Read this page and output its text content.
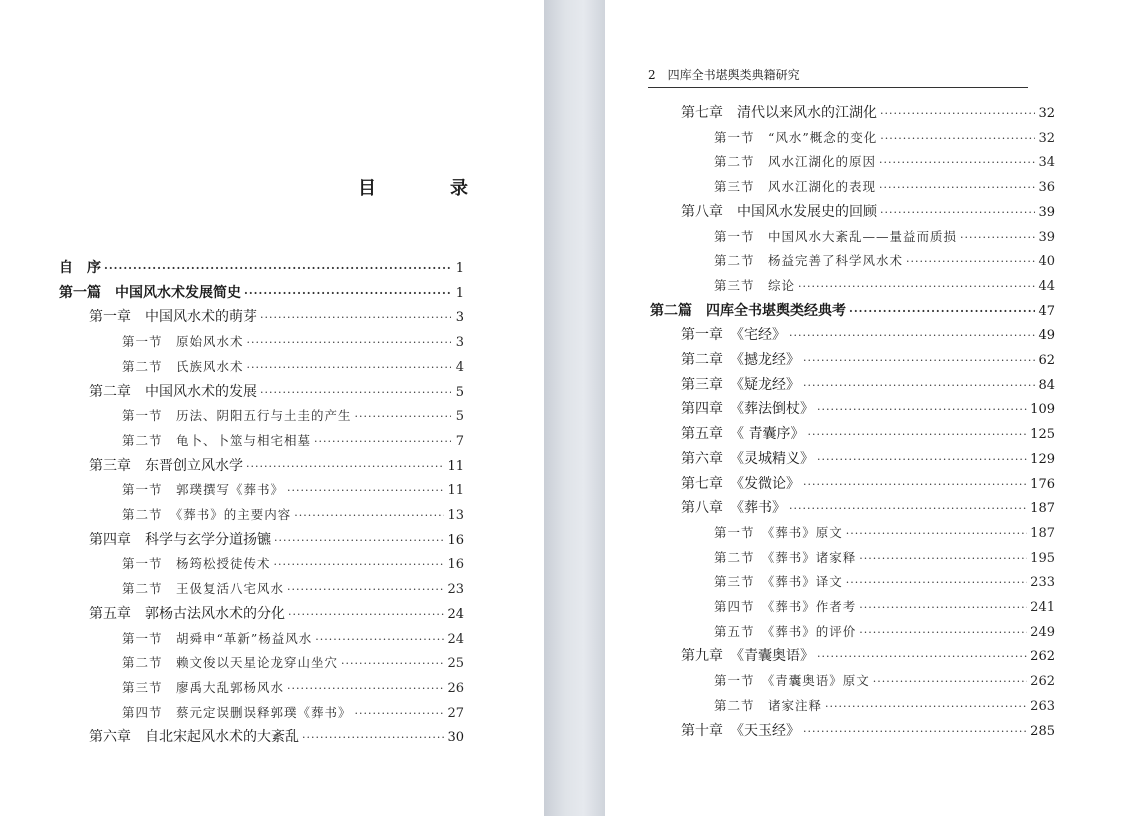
目	录
2　四库全书堪舆类典籍研究
自　序 ·····	1
第一篇　中国风水术发展简史 ·····	1
第一章　中国风水术的萌芽 ·····	3
第一节　原始风水术 ·····	3
第二节　氏族风水术 ·····	4
第二章　中国风水术的发展 ·····	5
第一节　历法、阴阳五行与土圭的产生 ·····	5
第二节　龟卜、卜筮与相宅相墓 ·····	7
第三章　东晋创立风水学 ·····	11
第一节　郭璞撰写《葬书》 ·····	11
第二节　《葬书》的主要内容 ·····	13
第四章　科学与玄学分道扬镳 ·····	16
第一节　杨筠松授徒传术 ·····	16
第二节　王伋复活八宅风水 ·····	23
第五章　郭杨古法风水术的分化 ·····	24
第一节　胡舜申“革新”杨益风水 ·····	24
第二节　赖文俊以天星论龙穿山坐穴 ·····	25
第三节　廖禹大乱郭杨风水 ·····	26
第四节　蔡元定误删误释郭璞《葬书》 ·····	27
第六章　自北宋起风水术的大紊乱 ·····	30
第七章　清代以来风水的江湖化 ·····	32
第一节　“风水”概念的变化 ·····	32
第二节　风水江湖化的原因 ·····	34
第三节　风水江湖化的表现 ·····	36
第八章　中国风水发展史的回顾 ·····	39
第一节　中国风水大紊乱——量益而质损 ·····	39
第二节　杨益完善了科学风水术 ·····	40
第三节　综论 ·····	44
第二篇　四库全书堪舆类经典考 ·····	47
第一章　《宅经》 ·····	49
第二章　《撼龙经》 ·····	62
第三章　《疑龙经》 ·····	84
第四章　《葬法倒杖》 ·····	109
第五章　《 青囊序》 ·····	125
第六章　《灵城精义》 ·····	129
第七章　《发微论》 ·····	176
第八章　《葬书》 ·····	187
第一节　《葬书》原文 ·····	187
第二节　《葬书》诸家释 ·····	195
第三节　《葬书》译文 ·····	233
第四节　《葬书》作者考 ·····	241
第五节　《葬书》的评价 ·····	249
第九章　《青囊奥语》 ·····	262
第一节　《青囊奥语》原文 ·····	262
第二节　诸家注释 ·····	263
第十章　《天玉经》 ·····	285
